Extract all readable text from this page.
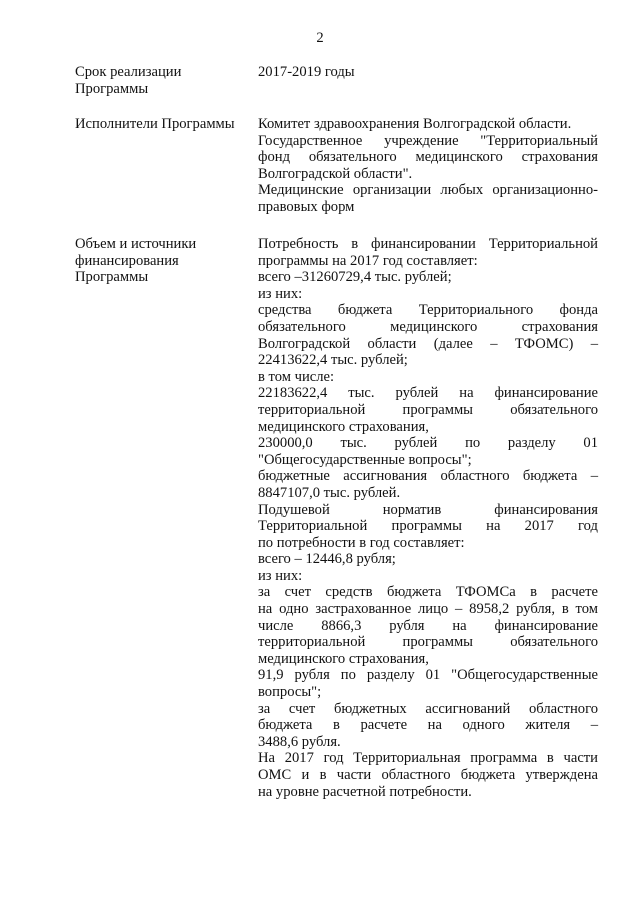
2
Срок реализации
Программы
2017-2019 годы
Исполнители Программы	Комитет здравоохранения Волгоградской области.
Государственное учреждение "Территориальный
фонд обязательного медицинского страхования
Волгоградской области".
Медицинские организации любых организационно-
правовых форм
Объем и источники
финансирования
Программы
Потребность в финансировании Территориальной
программы на 2017 год составляет:
всего –31260729,4 тыс. рублей;
из них:
средства бюджета Территориального фонда
обязательного медицинского страхования
Волгоградской области (далее – ТФОМС) –
22413622,4 тыс. рублей;
в том числе:
22183622,4 тыс. рублей на финансирование
территориальной программы обязательного
медицинского страхования,
230000,0 тыс. рублей по разделу 01
"Общегосударственные вопросы";
бюджетные ассигнования областного бюджета –
8847107,0 тыс. рублей.
Подушевой норматив финансирования
Территориальной программы на 2017 год
по потребности в год составляет:
всего – 12446,8 рубля;
из них:
за счет средств бюджета ТФОМСа в расчете
на одно застрахованное лицо – 8958,2 рубля, в том
числе 8866,3 рубля на финансирование
территориальной программы обязательного
медицинского страхования,
91,9 рубля по разделу 01 "Общегосударственные
вопросы";
за счет бюджетных ассигнований областного
бюджета в расчете на одного жителя –
3488,6 рубля.
На 2017 год Территориальная программа в части
ОМС и в части областного бюджета утверждена
на уровне расчетной потребности.
